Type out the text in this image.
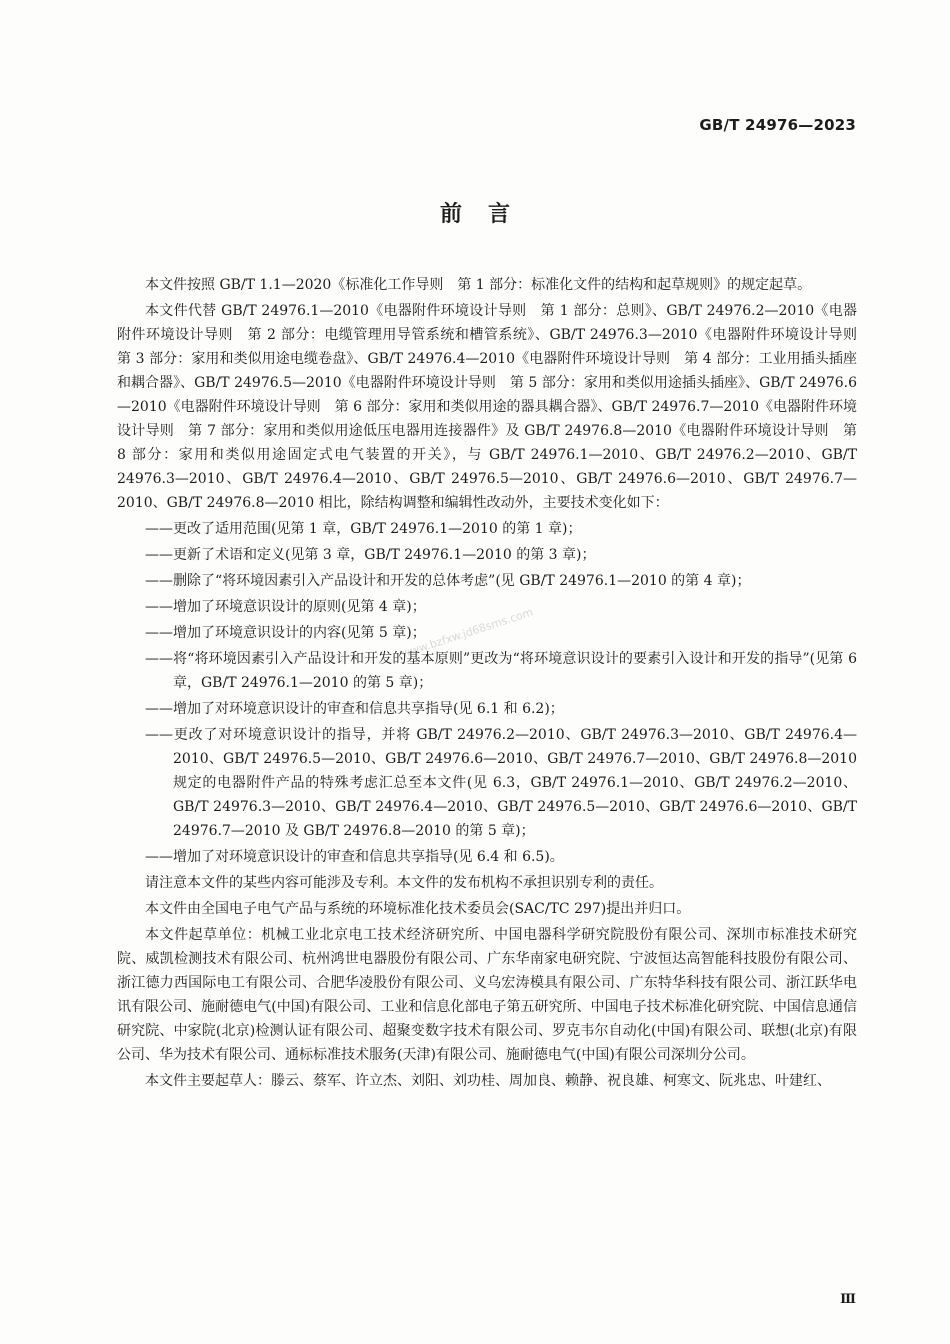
GB/T 24976—2023
前言
www.bzfxw.jd68sms.com

本文件按照 GB/T 1.1—2020《标准化工作导则　第 1 部分：标准化文件的结构和起草规则》的规定起草。

本文件代替 GB/T 24976.1—2010《电器附件环境设计导则　第 1 部分：总则》、GB/T 24976.2—2010《电器附件环境设计导则　第 2 部分：电缆管理用导管系统和槽管系统》、GB/T 24976.3—2010《电器附件环境设计导则　第 3 部分：家用和类似用途电缆卷盘》、GB/T 24976.4—2010《电器附件环境设计导则　第 4 部分：工业用插头插座和耦合器》、GB/T 24976.5—2010《电器附件环境设计导则　第 5 部分：家用和类似用途插头插座》、GB/T 24976.6—2010《电器附件环境设计导则　第 6 部分：家用和类似用途的器具耦合器》、GB/T 24976.7—2010《电器附件环境设计导则　第 7 部分：家用和类似用途低压电器用连接器件》及 GB/T 24976.8—2010《电器附件环境设计导则　第 8 部分：家用和类似用途固定式电气装置的开关》，与 GB/T 24976.1—2010、GB/T 24976.2—2010、GB/T 24976.3—2010、GB/T 24976.4—2010、GB/T 24976.5—2010、GB/T 24976.6—2010、GB/T 24976.7—2010、GB/T 24976.8—2010 相比，除结构调整和编辑性改动外，主要技术变化如下：

——更改了适用范围(见第 1 章，GB/T 24976.1—2010 的第 1 章)；

——更新了术语和定义(见第 3 章，GB/T 24976.1—2010 的第 3 章)；

——删除了“将环境因素引入产品设计和开发的总体考虑”(见 GB/T 24976.1—2010 的第 4 章)；

——增加了环境意识设计的原则(见第 4 章)；

——增加了环境意识设计的内容(见第 5 章)；

——将“将环境因素引入产品设计和开发的基本原则”更改为“将环境意识设计的要素引入设计和开发的指导”(见第 6 章，GB/T 24976.1—2010 的第 5 章)；

——增加了对环境意识设计的审查和信息共享指导(见 6.1 和 6.2)；

——更改了对环境意识设计的指导，并将 GB/T 24976.2—2010、GB/T 24976.3—2010、GB/T 24976.4—2010、GB/T 24976.5—2010、GB/T 24976.6—2010、GB/T 24976.7—2010、GB/T 24976.8—2010 规定的电器附件产品的特殊考虑汇总至本文件(见 6.3，GB/T 24976.1—2010、GB/T 24976.2—2010、GB/T 24976.3—2010、GB/T 24976.4—2010、GB/T 24976.5—2010、GB/T 24976.6—2010、GB/T 24976.7—2010 及 GB/T 24976.8—2010 的第 5 章)；

——增加了对环境意识设计的审查和信息共享指导(见 6.4 和 6.5)。

请注意本文件的某些内容可能涉及专利。本文件的发布机构不承担识别专利的责任。

本文件由全国电子电气产品与系统的环境标准化技术委员会(SAC/TC 297)提出并归口。

本文件起草单位：机械工业北京电工技术经济研究所、中国电器科学研究院股份有限公司、深圳市标准技术研究院、威凯检测技术有限公司、杭州鸿世电器股份有限公司、广东华南家电研究院、宁波恒达高智能科技股份有限公司、浙江德力西国际电工有限公司、合肥华凌股份有限公司、义乌宏涛模具有限公司、广东特华科技有限公司、浙江跃华电讯有限公司、施耐德电气(中国)有限公司、工业和信息化部电子第五研究所、中国电子技术标准化研究院、中国信息通信研究院、中家院(北京)检测认证有限公司、超聚变数字技术有限公司、罗克韦尔自动化(中国)有限公司、联想(北京)有限公司、华为技术有限公司、通标标准技术服务(天津)有限公司、施耐德电气(中国)有限公司深圳分公司。

本文件主要起草人：滕云、蔡军、许立杰、刘阳、刘功桂、周加良、赖静、祝良雄、柯寒文、阮兆忠、叶建红、

Ⅲ
